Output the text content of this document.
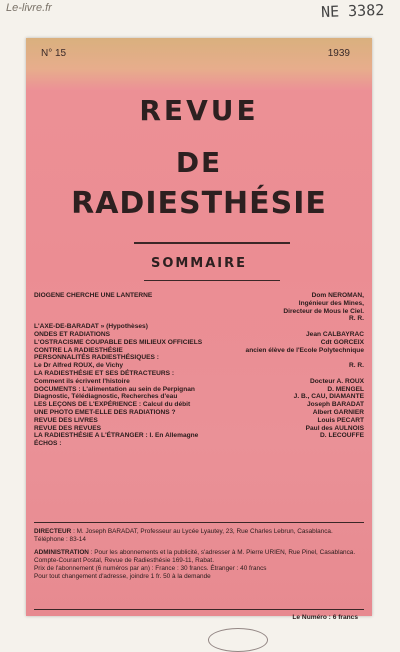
Le-livre.fr	NE 3382
N° 15	1939
REVUE
DE
RADIESTHÉSIE
SOMMAIRE
DIOGENE CHERCHE UNE LANTERNE	Dom NEROMAN,
Ingénieur des Mines,
Directeur de Mous le Ciel.
R. R.
L'AXE-DE-BARADAT » (Hypothèses)
ONDES ET RADIATIONS	Jean CALBAYRAC
L'OSTRACISME COUPABLE DES MILIEUX OFFICIELS	Cdt GORCEIX
CONTRE LA RADIESTHÉSIE	ancien élève de l'Ecole Polytechnique
PERSONNALITÉS RADIESTHÉSIQUES :
Le Dr Alfred ROUX, de Vichy	R. R.
LA RADIESTHÉSIE ET SES DÉTRACTEURS :
Comment ils écrivent l'histoire	Docteur A. ROUX
DOCUMENTS : L'alimentation au sein de Perpignan	D. MENGEL
Diagnostic, Télédiagnostic, Recherches d'eau	J. B., CAU, DIAMANTE
LES LEÇONS DE L'EXPÉRIENCE : Calcul du débit	Joseph BARADAT
UNE PHOTO EMET-ELLE DES RADIATIONS ?	Albert GARNIER
REVUE DES LIVRES	Louis PECART
REVUE DES REVUES	Paul des AULNOIS
LA RADIESTHÉSIE A L'ÉTRANGER : I. En Allemagne	D. LECOUFFE
ÉCHOS :
DIRECTEUR : M. Joseph BARADAT, Professeur au Lycée Lyautey, 23, Rue Charles Lebrun, Casablanca. Téléphone : 83-14
ADMINISTRATION : Pour les abonnements et la publicité, s'adresser à M. Pierre URIEN, Rue Pinel, Casablanca.
Compte-Courant Postal, Revue de Radiesthésie 169-11, Rabat.
Prix de l'abonnement (6 numéros par an) : France : 30 francs. Étranger : 40 francs
Pour tout changement d'adresse, joindre 1 fr. 50 à la demande
Le Numéro : 6 francs
